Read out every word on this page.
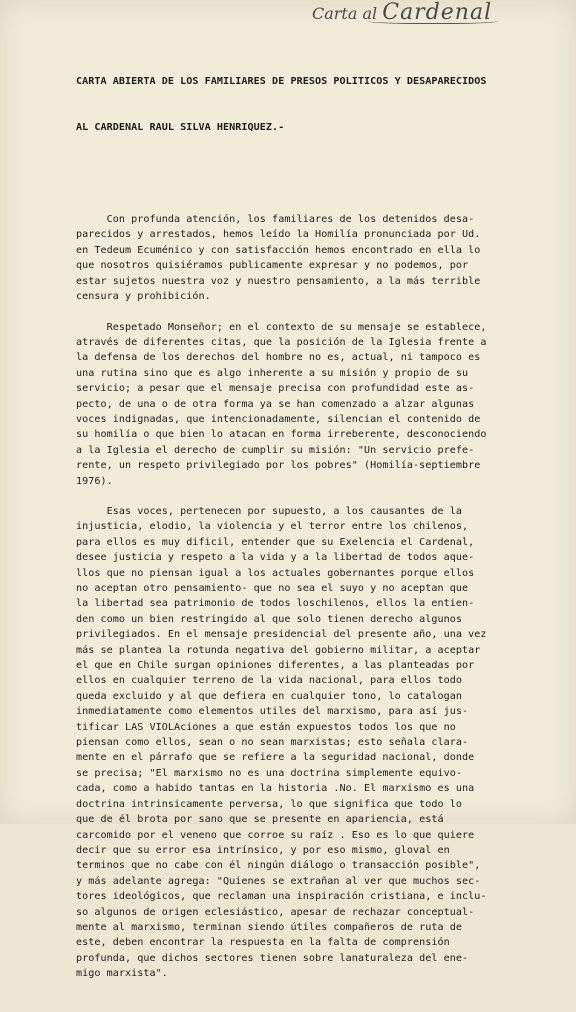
Carta al Cardenal

CARTA ABIERTA DE LOS FAMILIARES DE PRESOS POLITICOS Y DESAPARECIDOS

AL CARDENAL RAUL SILVA HENRIQUEZ.-

Con profunda atención, los familiares de los detenidos desa-
parecidos y arrestados, hemos leído la Homilía pronunciada por Ud.
en Tedeum Ecuménico y con satisfacción hemos encontrado en ella lo
que nosotros quisiéramos publicamente expresar y no podemos, por
estar sujetos nuestra voz y nuestro pensamiento, a la más terrible
censura y prohibición.
Respetado Monseñor; en el contexto de su mensaje se establece,
através de diferentes citas, que la posición de la Iglesia frente a
la defensa de los derechos del hombre no es, actual, ni tampoco es
una rutina sino que es algo inherente a su misión y propio de su
servicio; a pesar que el mensaje precisa con profundidad este as-
pecto, de una o de otra forma ya se han comenzado a alzar algunas
voces indignadas, que intencionadamente, silencian el contenido de
su homilía o que bien lo atacan en forma irreberente, desconociendo
a la Iglesia el derecho de cumplir su misión: "Un servicio prefe-
rente, un respeto privilegiado por los pobres" (Homilía-septiembre
1976).
Esas voces, pertenecen por supuesto, a los causantes de la
injusticia, elodio, la violencia y el terror entre los chilenos,
para ellos es muy dificil, entender que su Exelencia el Cardenal,
desee justicia y respeto a la vida y a la libertad de todos aque-
llos que no piensan igual a los actuales gobernantes porque ellos
no aceptan otro pensamiento- que no sea el suyo y no aceptan que
la libertad sea patrimonio de todos loschilenos, ellos la entien-
den como un bien restringido al que solo tienen derecho algunos
privilegiados. En el mensaje presidencial del presente año, una vez
más se plantea la rotunda negativa del gobierno militar, a aceptar
el que en Chile surgan opiniones diferentes, a las planteadas por
ellos en cualquier terreno de la vida nacional, para ellos todo
queda excluido y al que defiera en cualquier tono, lo catalogan
inmediatamente como elementos utiles del marxismo, para así jus-
tificar LAS VIOLAciones a que están expuestos todos los que no
piensan como ellos, sean o no sean marxistas; esto señala clara-
mente en el párrafo que se refiere a la seguridad nacional, donde
se precisa; "El marxismo no es una doctrina simplemente equivo-
cada, como a habido tantas en la historia .No. El marxismo es una
doctrina intrinsicamente perversa, lo que significa que todo lo
que de él brota por sano que se presente en apariencia, está
carcomido por el veneno que corroe su raíz . Eso es lo que quiere
decir que su error esa intrínsico, y por eso mismo, gloval en
terminos que no cabe con él ningún diálogo o transacción posible",
y más adelante agrega: "Quienes se extrañan al ver que muchos sec-
tores ideológicos, que reclaman una inspiración cristiana, e inclu-
so algunos de origen eclesiástico, apesar de rechazar conceptual-
mente al marxismo, terminan siendo útiles compañeros de ruta de
este, deben encontrar la respuesta en la falta de comprensión
profunda, que dichos sectores tienen sobre lanaturaleza del ene-
migo marxista".
